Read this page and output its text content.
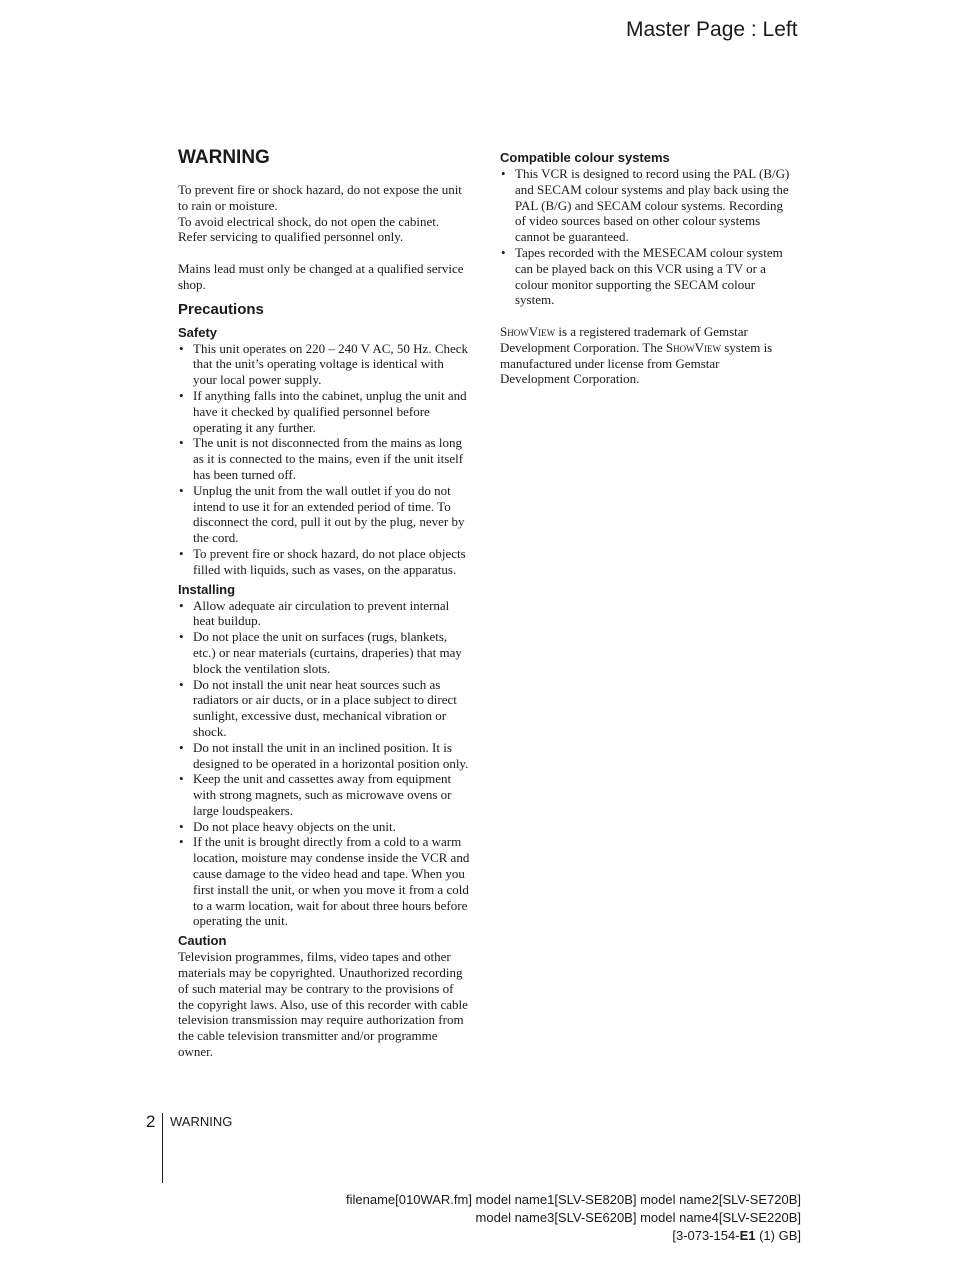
Master Page : Left
WARNING

To prevent fire or shock hazard, do not expose the unit to rain or moisture.

To avoid electrical shock, do not open the cabinet. Refer servicing to qualified personnel only.

Mains lead must only be changed at a qualified service shop.

Precautions
Safety
• This unit operates on 220 – 240 V AC, 50 Hz. Check that the unit’s operating voltage is identical with your local power supply.
• If anything falls into the cabinet, unplug the unit and have it checked by qualified personnel before operating it any further.
• The unit is not disconnected from the mains as long as it is connected to the mains, even if the unit itself has been turned off.
• Unplug the unit from the wall outlet if you do not intend to use it for an extended period of time. To disconnect the cord, pull it out by the plug, never by the cord.
• To prevent fire or shock hazard, do not place objects filled with liquids, such as vases, on the apparatus.
Installing
• Allow adequate air circulation to prevent internal heat buildup.
• Do not place the unit on surfaces (rugs, blankets, etc.) or near materials (curtains, draperies) that may block the ventilation slots.
• Do not install the unit near heat sources such as radiators or air ducts, or in a place subject to direct sunlight, excessive dust, mechanical vibration or shock.
• Do not install the unit in an inclined position. It is designed to be operated in a horizontal position only.
• Keep the unit and cassettes away from equipment with strong magnets, such as microwave ovens or large loudspeakers.
• Do not place heavy objects on the unit.
• If the unit is brought directly from a cold to a warm location, moisture may condense inside the VCR and cause damage to the video head and tape. When you first install the unit, or when you move it from a cold to a warm location, wait for about three hours before operating the unit.
Caution

Television programmes, films, video tapes and other materials may be copyrighted. Unauthorized recording of such material may be contrary to the provisions of the copyright laws. Also, use of this recorder with cable television transmission may require authorization from the cable television transmitter and/or programme owner.

Compatible colour systems
• This VCR is designed to record using the PAL (B/G) and SECAM colour systems and play back using the PAL (B/G) and SECAM colour systems. Recording of video sources based on other colour systems cannot be guaranteed.
• Tapes recorded with the MESECAM colour system can be played back on this VCR using a TV or a colour monitor supporting the SECAM colour system.

ShowView is a registered trademark of Gemstar Development Corporation. The ShowView system is manufactured under license from Gemstar Development Corporation.

2 WARNING
filename[010WAR.fm] model name1[SLV-SE820B] model name2[SLV-SE720B]
model name3[SLV-SE620B] model name4[SLV-SE220B]
[3-073-154-E1 (1) GB]
